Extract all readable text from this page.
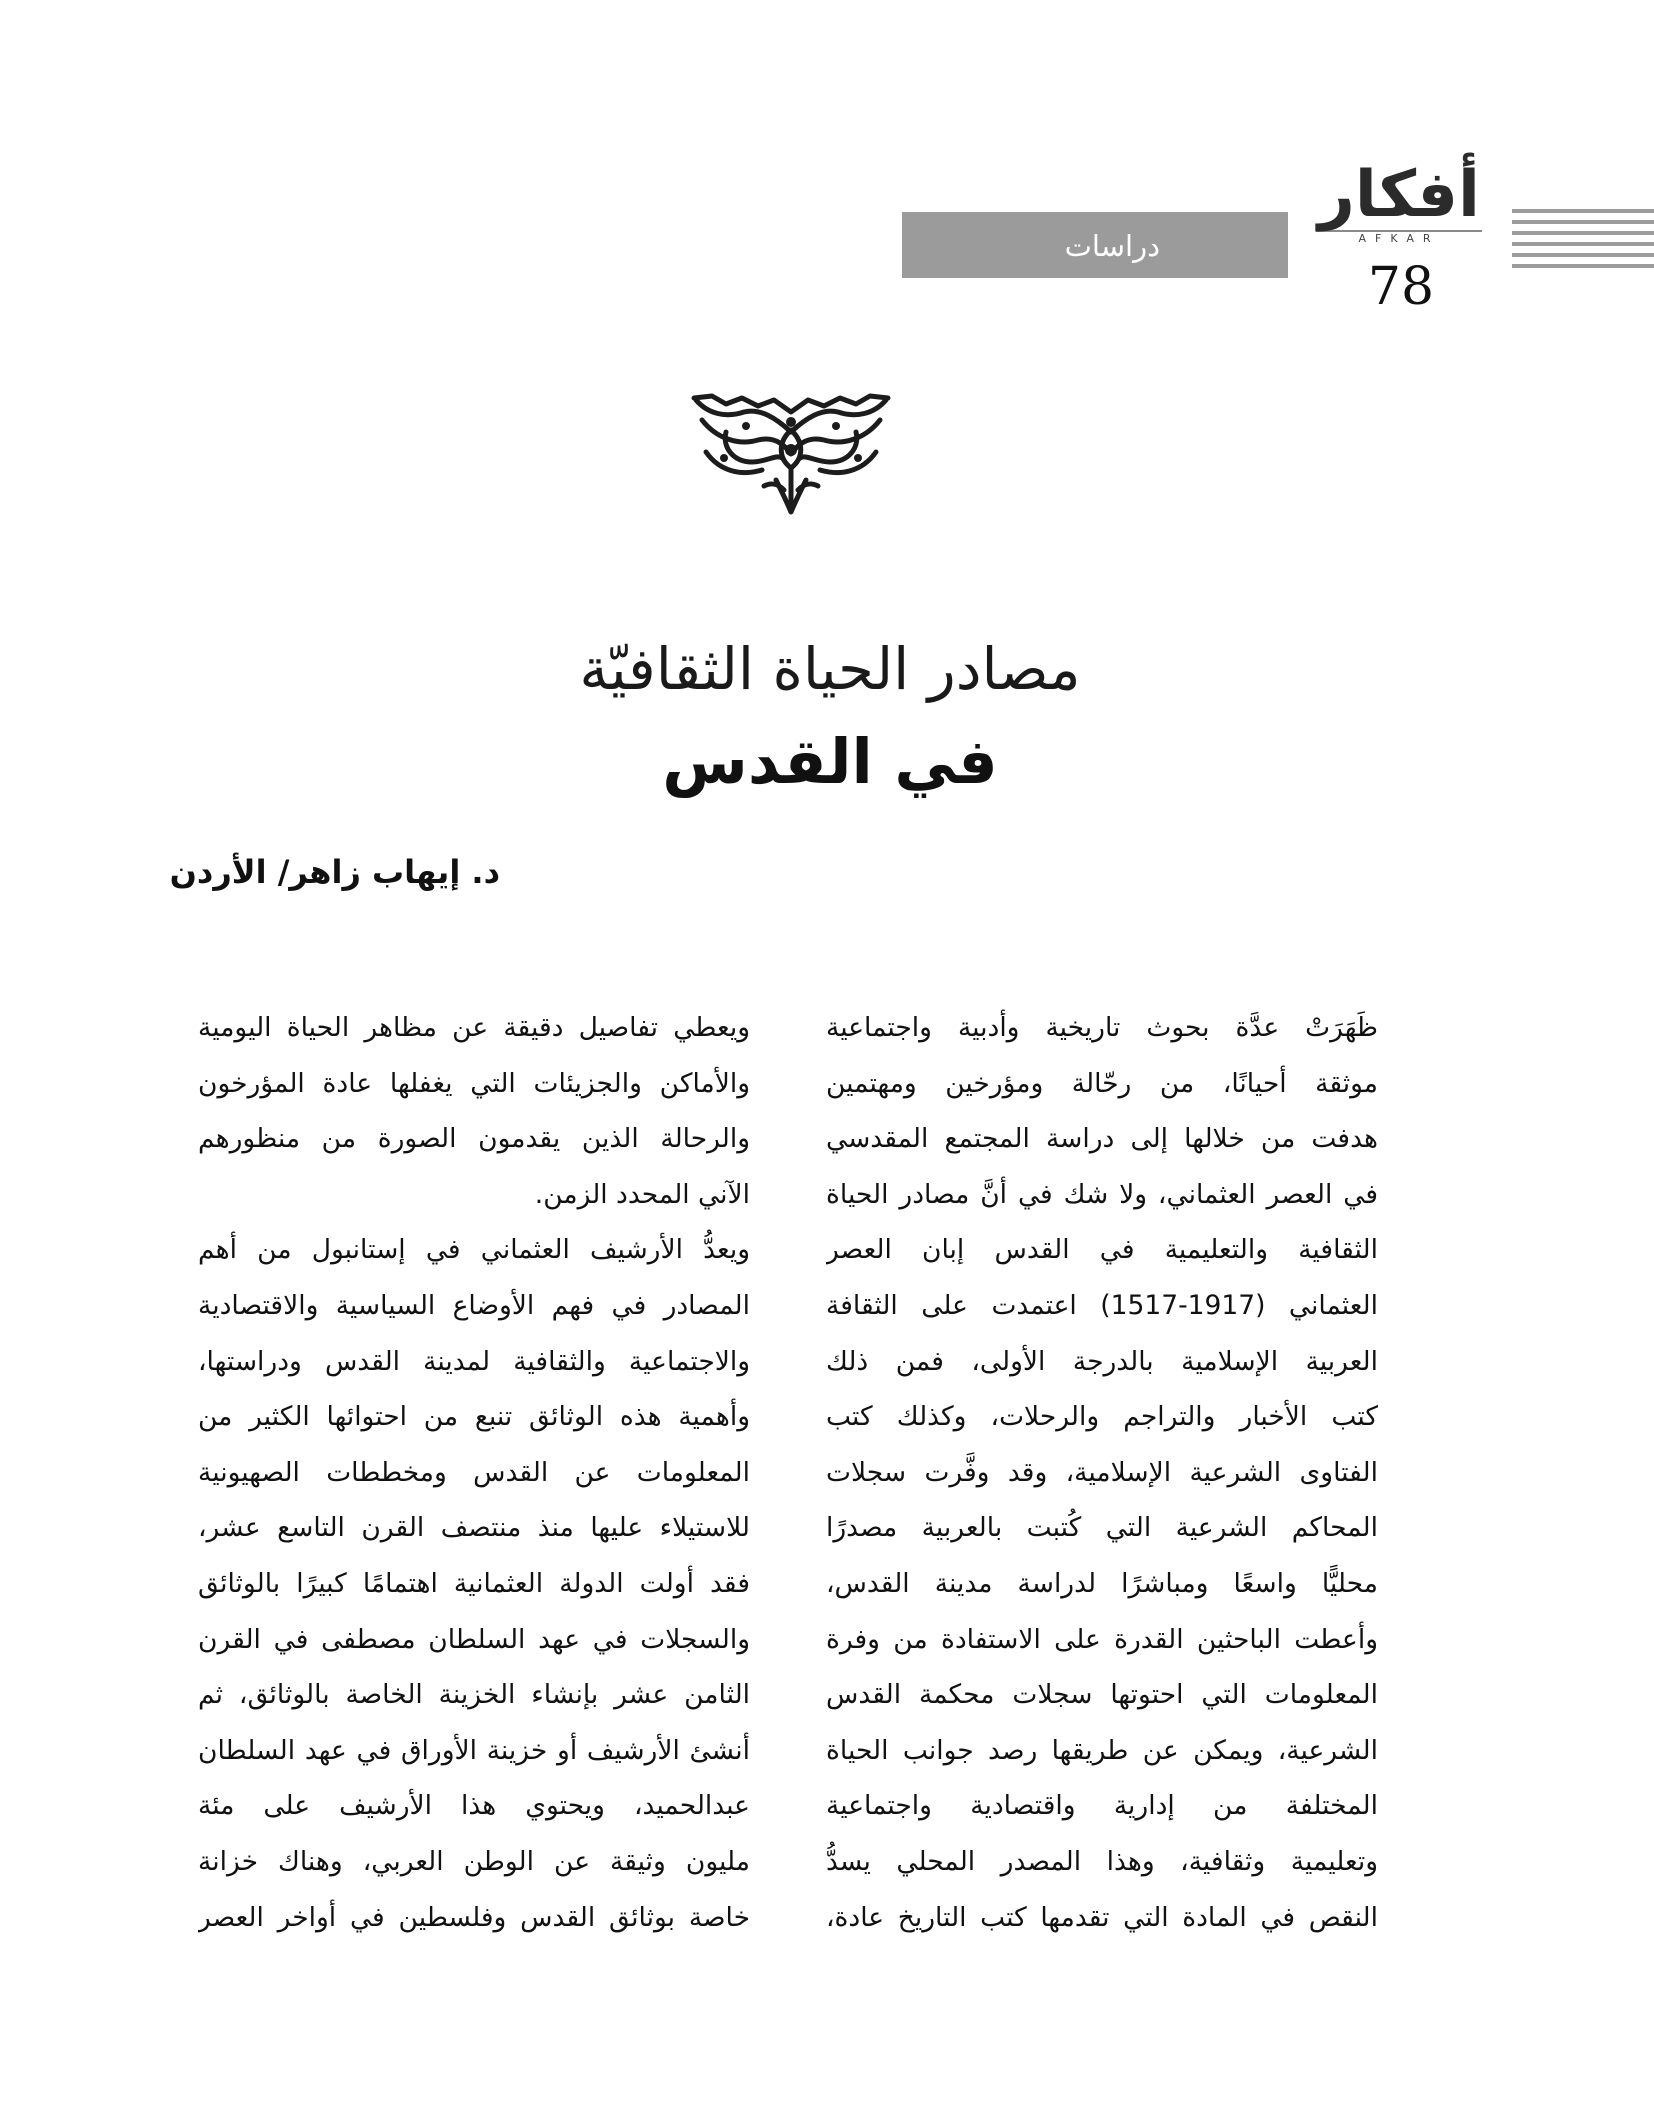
أفكار
AFKAR
78
دراسات
مصادر الحياة الثقافيّة
في القدس
د. إيهاب زاهر/ الأردن
ظَهَرَتْ عدَّة بحوث تاريخية وأدبية واجتماعية
موثقة أحيانًا، من رحّالة ومؤرخين ومهتمين
هدفت من خلالها إلى دراسة المجتمع المقدسي
في العصر العثماني، ولا شك في أنَّ مصادر الحياة
الثقافية والتعليمية في القدس إبان العصر
العثماني (1917-1517) اعتمدت على الثقافة
العربية الإسلامية بالدرجة الأولى، فمن ذلك
كتب الأخبار والتراجم والرحلات، وكذلك كتب
الفتاوى الشرعية الإسلامية، وقد وفَّرت سجلات
المحاكم الشرعية التي كُتبت بالعربية مصدرًا
محليًّا واسعًا ومباشرًا لدراسة مدينة القدس،
وأعطت الباحثين القدرة على الاستفادة من وفرة
المعلومات التي احتوتها سجلات محكمة القدس
الشرعية، ويمكن عن طريقها رصد جوانب الحياة
المختلفة من إدارية واقتصادية واجتماعية
وتعليمية وثقافية، وهذا المصدر المحلي يسدُّ
النقص في المادة التي تقدمها كتب التاريخ عادة،
ويعطي تفاصيل دقيقة عن مظاهر الحياة اليومية
والأماكن والجزيئات التي يغفلها عادة المؤرخون
والرحالة الذين يقدمون الصورة من منظورهم
الآني المحدد الزمن.
ويعدُّ الأرشيف العثماني في إستانبول من أهم
المصادر في فهم الأوضاع السياسية والاقتصادية
والاجتماعية والثقافية لمدينة القدس ودراستها،
وأهمية هذه الوثائق تنبع من احتوائها الكثير من
المعلومات عن القدس ومخططات الصهيونية
للاستيلاء عليها منذ منتصف القرن التاسع عشر،
فقد أولت الدولة العثمانية اهتمامًا كبيرًا بالوثائق
والسجلات في عهد السلطان مصطفى في القرن
الثامن عشر بإنشاء الخزينة الخاصة بالوثائق، ثم
أنشئ الأرشيف أو خزينة الأوراق في عهد السلطان
عبدالحميد، ويحتوي هذا الأرشيف على مئة
مليون وثيقة عن الوطن العربي، وهناك خزانة
خاصة بوثائق القدس وفلسطين في أواخر العصر
